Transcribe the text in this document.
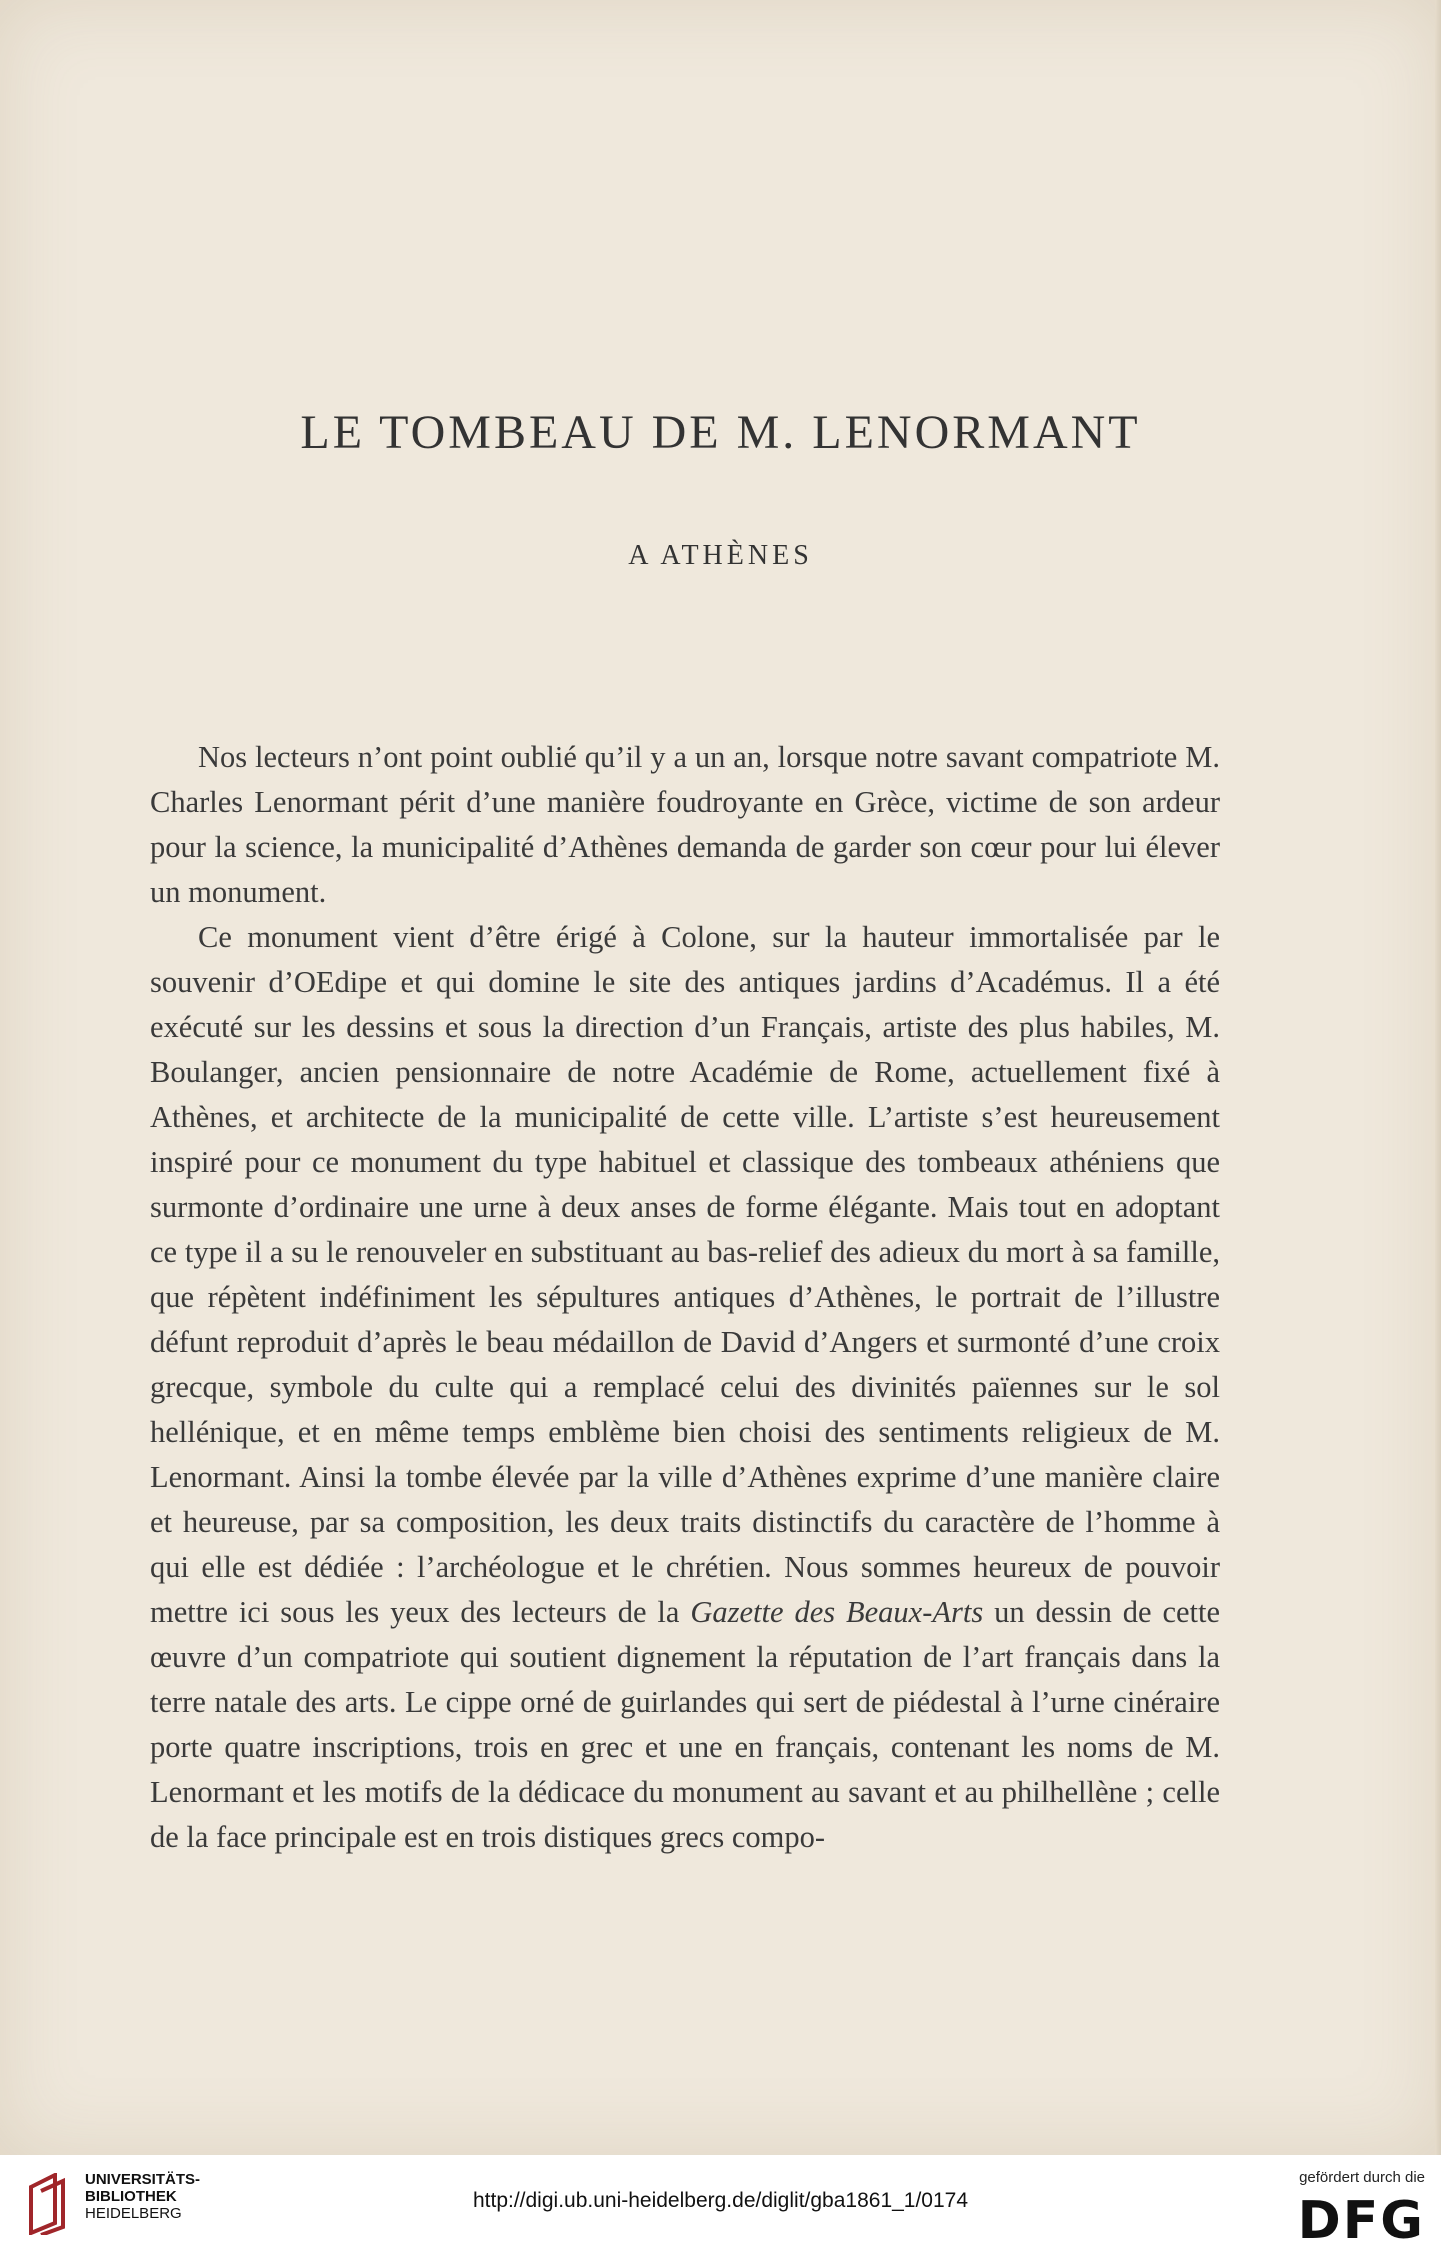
LE TOMBEAU DE M. LENORMANT
A ATHÈNES

Nos lecteurs n’ont point oublié qu’il y a un an, lorsque notre savant compatriote M. Charles Lenormant périt d’une manière foudroyante en Grèce, victime de son ardeur pour la science, la municipalité d’Athènes demanda de garder son cœur pour lui élever un monument.

Ce monument vient d’être érigé à Colone, sur la hauteur immortalisée par le souvenir d’OEdipe et qui domine le site des antiques jardins d’Académus. Il a été exécuté sur les dessins et sous la direction d’un Français, artiste des plus habiles, M. Boulanger, ancien pensionnaire de notre Académie de Rome, actuellement fixé à Athènes, et architecte de la municipalité de cette ville. L’artiste s’est heureusement inspiré pour ce monument du type habituel et classique des tombeaux athéniens que surmonte d’ordinaire une urne à deux anses de forme élégante. Mais tout en adoptant ce type il a su le renouveler en substituant au bas-relief des adieux du mort à sa famille, que répètent indéfiniment les sépultures antiques d’Athènes, le portrait de l’illustre défunt reproduit d’après le beau médaillon de David d’Angers et surmonté d’une croix grecque, symbole du culte qui a remplacé celui des divinités païennes sur le sol hellénique, et en même temps emblème bien choisi des sentiments religieux de M. Lenormant. Ainsi la tombe élevée par la ville d’Athènes exprime d’une manière claire et heureuse, par sa composition, les deux traits distinctifs du caractère de l’homme à qui elle est dédiée : l’archéologue et le chrétien. Nous sommes heureux de pouvoir mettre ici sous les yeux des lecteurs de la Gazette des Beaux-Arts un dessin de cette œuvre d’un compatriote qui soutient dignement la réputation de l’art français dans la terre natale des arts. Le cippe orné de guirlandes qui sert de piédestal à l’urne cinéraire porte quatre inscriptions, trois en grec et une en français, contenant les noms de M. Lenormant et les motifs de la dédicace du monument au savant et au philhellène ; celle de la face principale est en trois distiques grecs compo-

UNIVERSITÄTS-
BIBLIOTHEK
HEIDELBERG
http://digi.ub.uni-heidelberg.de/diglit/gba1861_1/0174
gefördert durch die
DFG
